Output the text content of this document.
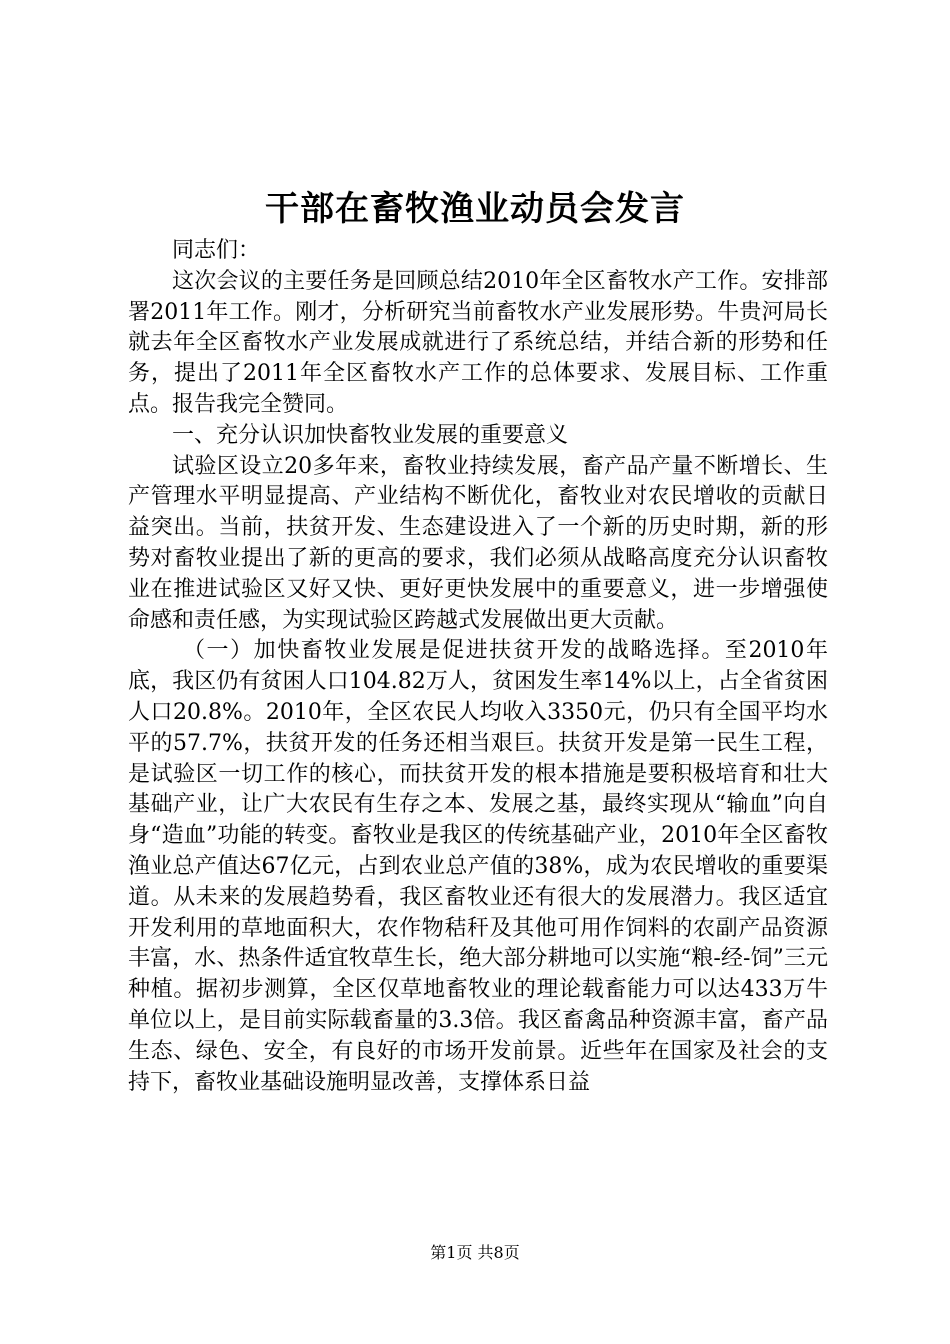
干部在畜牧渔业动员会发言

同志们：

这次会议的主要任务是回顾总结2010年全区畜牧水产工作。安排部署2011年工作。刚才，分析研究当前畜牧水产业发展形势。牛贵河局长就去年全区畜牧水产业发展成就进行了系统总结，并结合新的形势和任务，提出了2011年全区畜牧水产工作的总体要求、发展目标、工作重点。报告我完全赞同。

一、充分认识加快畜牧业发展的重要意义

试验区设立20多年来，畜牧业持续发展，畜产品产量不断增长、生产管理水平明显提高、产业结构不断优化，畜牧业对农民增收的贡献日益突出。当前，扶贫开发、生态建设进入了一个新的历史时期，新的形势对畜牧业提出了新的更高的要求，我们必须从战略高度充分认识畜牧业在推进试验区又好又快、更好更快发展中的重要意义，进一步增强使命感和责任感，为实现试验区跨越式发展做出更大贡献。

（一）加快畜牧业发展是促进扶贫开发的战略选择。至2010年底，我区仍有贫困人口104.82万人，贫困发生率14%以上，占全省贫困人口20.8%。2010年，全区农民人均收入3350元，仍只有全国平均水平的57.7%，扶贫开发的任务还相当艰巨。扶贫开发是第一民生工程，是试验区一切工作的核心，而扶贫开发的根本措施是要积极培育和壮大基础产业，让广大农民有生存之本、发展之基，最终实现从“输血”向自身“造血”功能的转变。畜牧业是我区的传统基础产业，2010年全区畜牧渔业总产值达67亿元，占到农业总产值的38%，成为农民增收的重要渠道。从未来的发展趋势看，我区畜牧业还有很大的发展潜力。我区适宜开发利用的草地面积大，农作物秸秆及其他可用作饲料的农副产品资源丰富，水、热条件适宜牧草生长，绝大部分耕地可以实施“粮-经-饲”三元种植。据初步测算，全区仅草地畜牧业的理论载畜能力可以达433万牛单位以上，是目前实际载畜量的3.3倍。我区畜禽品种资源丰富，畜产品生态、绿色、安全，有良好的市场开发前景。近些年在国家及社会的支持下，畜牧业基础设施明显改善，支撑体系日益

第1页 共8页
